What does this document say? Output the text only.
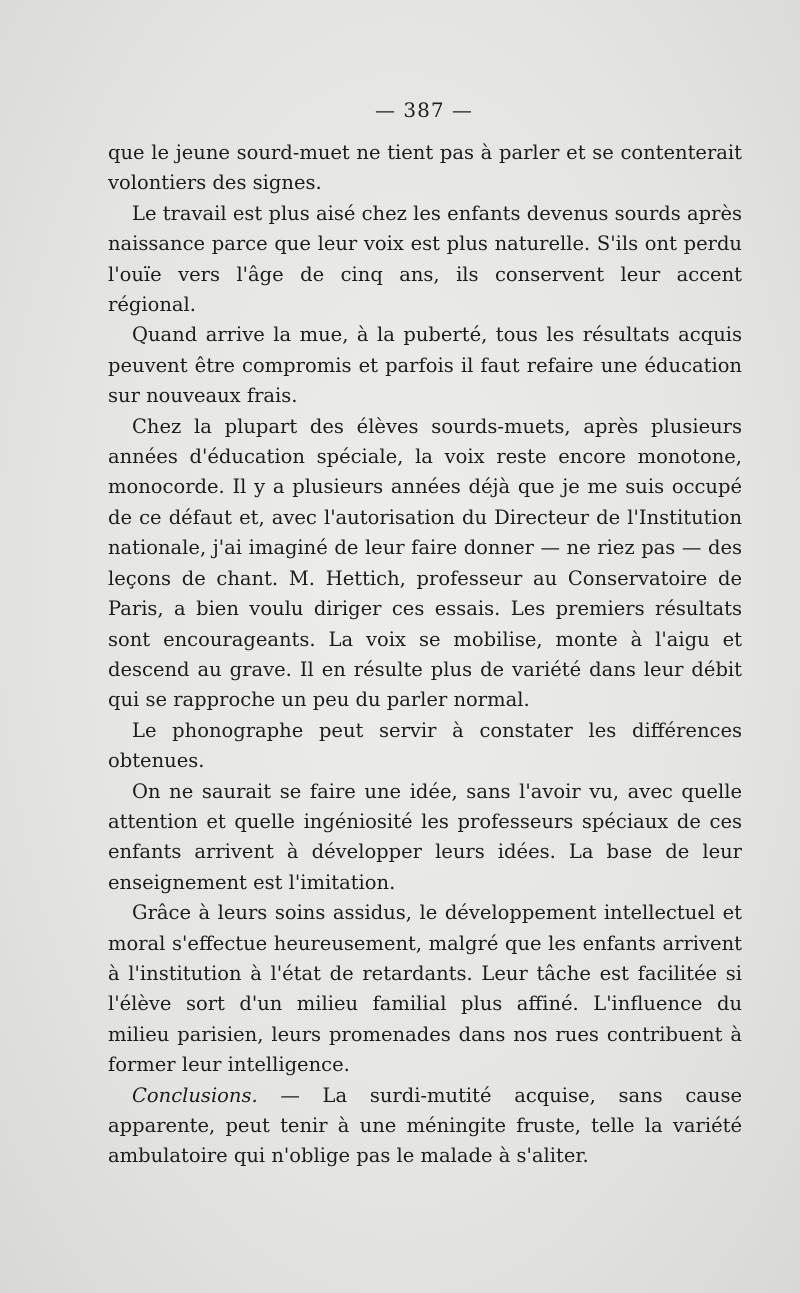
— 387 —

que le jeune sourd-muet ne tient pas à parler et se contenterait volontiers des signes.

Le travail est plus aisé chez les enfants devenus sourds après naissance parce que leur voix est plus naturelle. S'ils ont perdu l'ouïe vers l'âge de cinq ans, ils conservent leur accent régional.

Quand arrive la mue, à la puberté, tous les résultats acquis peuvent être compromis et parfois il faut refaire une éducation sur nouveaux frais.

Chez la plupart des élèves sourds-muets, après plusieurs années d'éducation spéciale, la voix reste encore monotone, monocorde. Il y a plusieurs années déjà que je me suis occupé de ce défaut et, avec l'autorisation du Directeur de l'Institution nationale, j'ai imaginé de leur faire donner — ne riez pas — des leçons de chant. M. Hettich, professeur au Conservatoire de Paris, a bien voulu diriger ces essais. Les premiers résultats sont encourageants. La voix se mobilise, monte à l'aigu et descend au grave. Il en résulte plus de variété dans leur débit qui se rapproche un peu du parler normal.

Le phonographe peut servir à constater les différences obtenues.

On ne saurait se faire une idée, sans l'avoir vu, avec quelle attention et quelle ingéniosité les professeurs spéciaux de ces enfants arrivent à développer leurs idées. La base de leur enseignement est l'imitation.

Grâce à leurs soins assidus, le développement intellectuel et moral s'effectue heureusement, malgré que les enfants arrivent à l'institution à l'état de retardants. Leur tâche est facilitée si l'élève sort d'un milieu familial plus affiné. L'influence du milieu parisien, leurs promenades dans nos rues contribuent à former leur intelligence.

Conclusions. — La surdi-mutité acquise, sans cause apparente, peut tenir à une méningite fruste, telle la variété ambulatoire qui n'oblige pas le malade à s'aliter.
